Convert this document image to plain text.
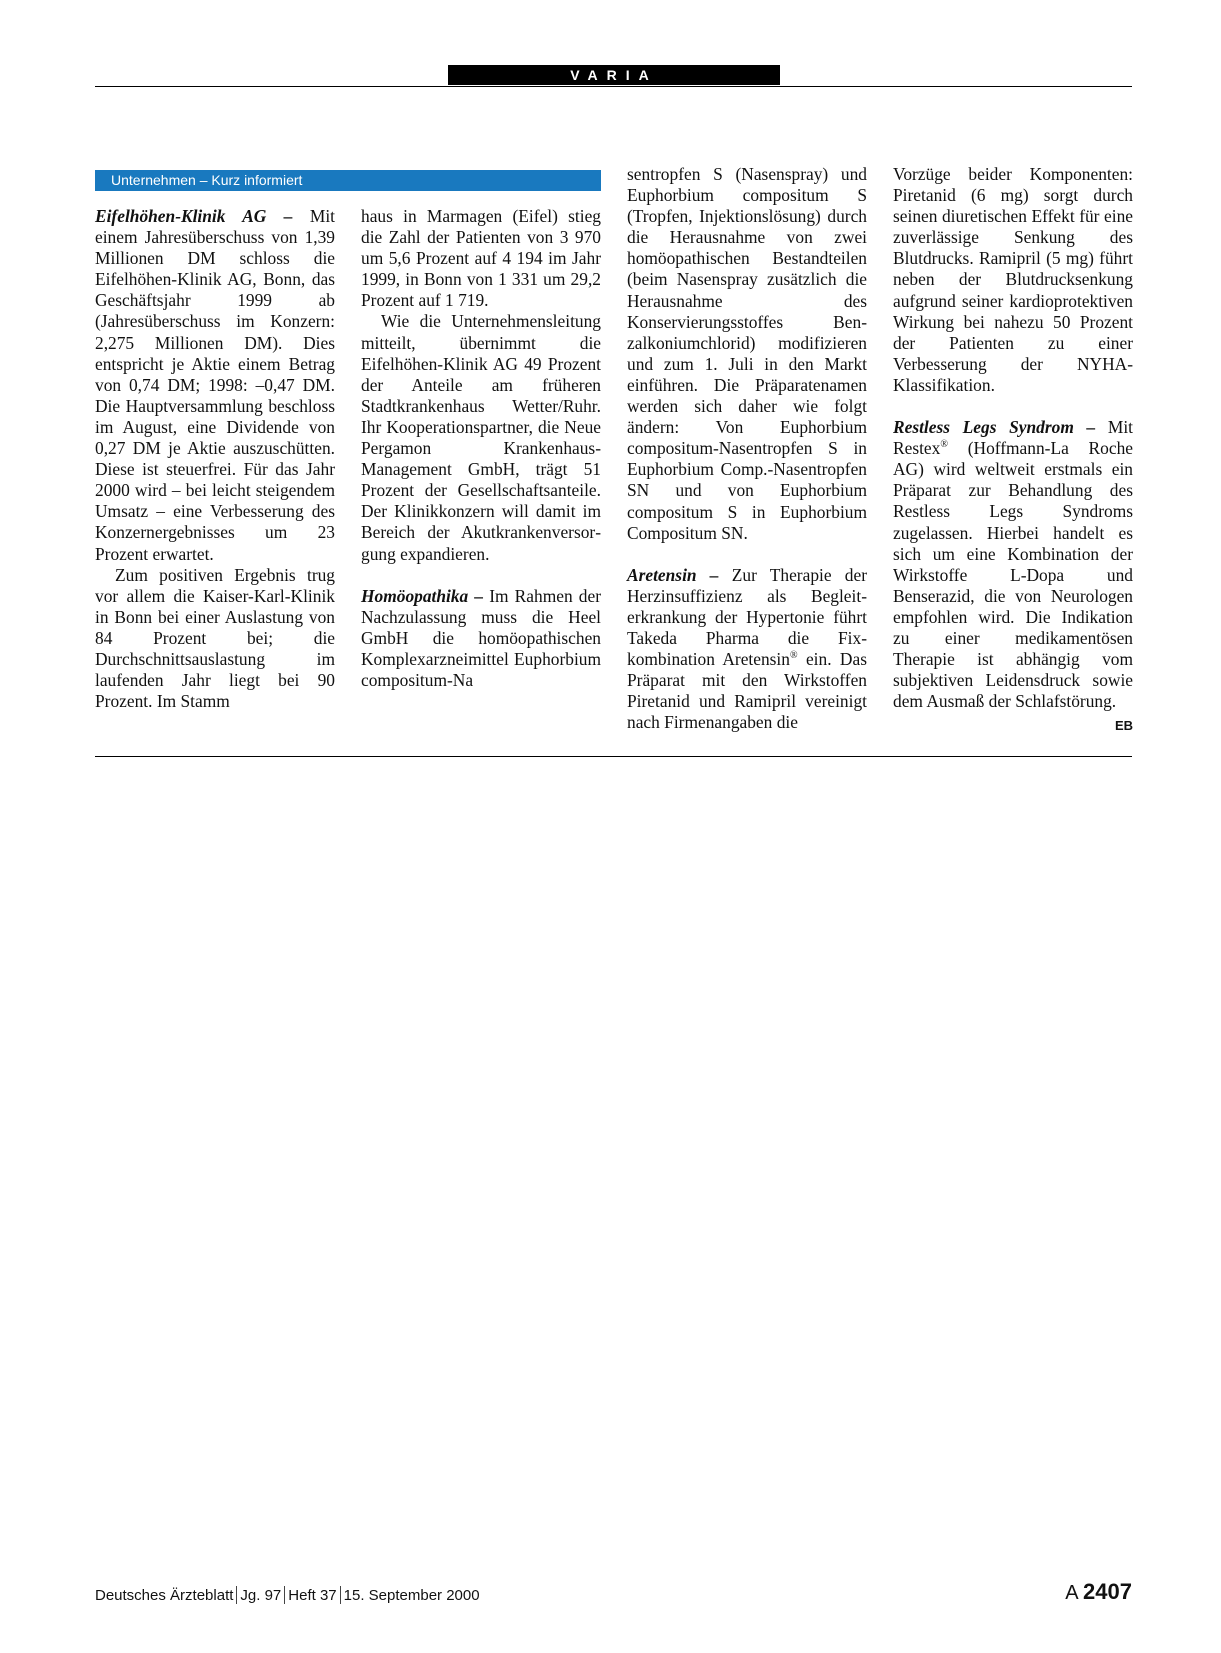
VARIA
Unternehmen – Kurz informiert

Eifelhöhen-Klinik AG – Mit einem Jahresüberschuss von 1,39 Millionen DM schloss die Eifelhöhen-Klinik AG, Bonn, das Geschäftsjahr 1999 ab (Jahresüberschuss im Konzern: 2,275 Millionen DM). Dies entspricht je Aktie einem Betrag von 0,74 DM; 1998: –0,47 DM. Die Hauptversammlung beschloss im August, eine Dividende von 0,27 DM je Aktie auszuschütten. Diese ist steuerfrei. Für das Jahr 2000 wird – bei leicht steigendem Umsatz – eine Verbesserung des Konzernergebnisses um 23 Prozent erwartet.

Zum positiven Ergebnis trug vor allem die Kaiser-Karl-Klinik in Bonn bei einer Auslastung von 84 Prozent bei; die Durchschnittsauslastung im laufenden Jahr liegt bei 90 Prozent. Im Stamm

haus in Marmagen (Eifel) stieg die Zahl der Patienten von 3 970 um 5,6 Prozent auf 4 194 im Jahr 1999, in Bonn von 1 331 um 29,2 Prozent auf 1 719.

Wie die Unternehmensleitung mitteilt, übernimmt die Eifelhöhen-Klinik AG 49 Prozent der Anteile am früheren Stadtkrankenhaus Wetter/Ruhr. Ihr Kooperationspartner, die Neue Pergamon Krankenhaus-Management GmbH, trägt 51 Prozent der Gesellschaftsanteile. Der Klinikkonzern will damit im Bereich der Akutkrankenversorgung expandieren.

Homöopathika – Im Rahmen der Nachzulassung muss die Heel GmbH die homöopathischen Komplexarzneimittel Euphorbium compositum-Na

sentropfen S (Nasenspray) und Euphorbium compositum S (Tropfen, Injektionslösung) durch die Herausnahme von zwei homöopathischen Bestandteilen (beim Nasenspray zusätzlich die Herausnahme des Konservierungsstoffes Benzalkoniumchlorid) modifizieren und zum 1. Juli in den Markt einführen. Die Präparatenamen werden sich daher wie folgt ändern: Von Euphorbium compositum-Nasentropfen S in Euphorbium Comp.-Nasentropfen SN und von Euphorbium compositum S in Euphorbium Compositum SN.

Aretensin – Zur Therapie der Herzinsuffizienz als Begleiterkrankung der Hypertonie führt Takeda Pharma die Fixkombination Aretensin® ein. Das Präparat mit den Wirkstoffen Piretanid und Ramipril vereinigt nach Firmenangaben die

Vorzüge beider Komponenten: Piretanid (6 mg) sorgt durch seinen diuretischen Effekt für eine zuverlässige Senkung des Blutdrucks. Ramipril (5 mg) führt neben der Blutdrucksenkung aufgrund seiner kardioprotektiven Wirkung bei nahezu 50 Prozent der Patienten zu einer Verbesserung der NYHA-Klassifikation.

Restless Legs Syndrom – Mit Restex® (Hoffmann-La Roche AG) wird weltweit erstmals ein Präparat zur Behandlung des Restless Legs Syndroms zugelassen. Hierbei handelt es sich um eine Kombination der Wirkstoffe L-Dopa und Benserazid, die von Neurologen empfohlen wird. Die Indikation zu einer medikamentösen Therapie ist abhängig vom subjektiven Leidensdruck sowie dem Ausmaß der Schlafstörung.
EB

Deutsches Ärzteblatt Jg. 97 Heft 37 15. September 2000	A 2407
